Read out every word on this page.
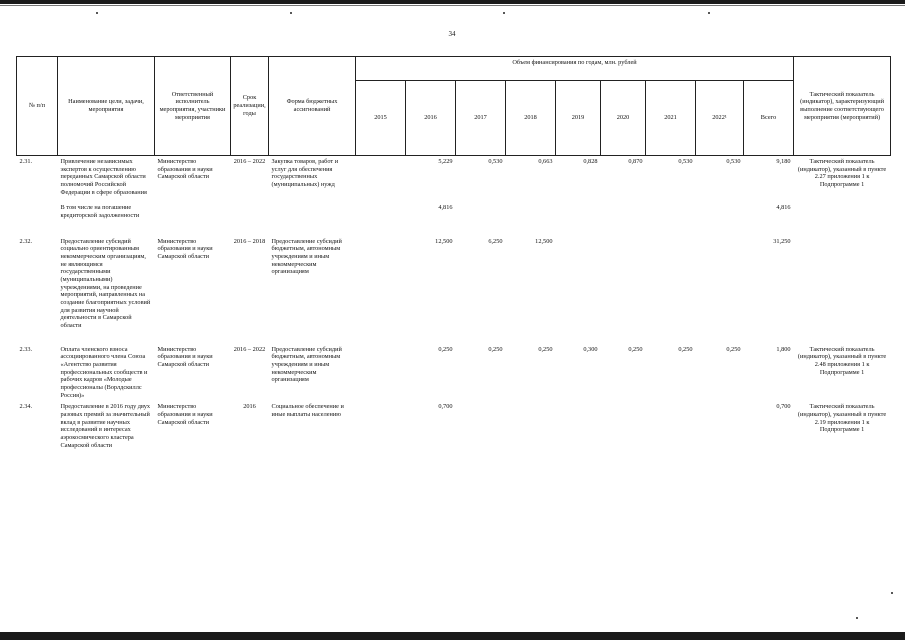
34
№ п/п	Наименование цели, задачи, мероприятия	Ответственный исполнитель мероприятия, участники мероприятия	Срок реализации, годы	Форма бюджетных ассигнований	Объем финансирования по годам, млн. рублей									Тактический показатель (индикатор), характеризующий выполнение соответствующего мероприятия (мероприятий)
					2015	2016	2017	2018	2019	2020	2021	2022¹	Всего	
2.31.	Привлечение независимых экспертов к осуществлению переданных Самарской области полномочий Российской Федерации в сфере образования	Министерство образования и науки Самарской области	2016 – 2022	Закупка товаров, работ и услуг для обеспечения государственных (муниципальных) нужд		5,229	0,530	0,663	0,828	0,870	0,530	0,530	9,180	Тактический показатель (индикатор), указанный в пункте 2.27 приложения 1 к Подпрограмме 1
	В том числе на погашение кредиторской задолженности					4,816							4,816	

2.32.	Предоставление субсидий социально ориентированным некоммерческим организациям, не являющимся государственными (муниципальными) учреждениями, на проведение мероприятий, направленных на создание благоприятных условий для развития научной деятельности в Самарской области	Министерство образования и науки Самарской области	2016 – 2018	Предоставление субсидий бюджетным, автономным учреждениям и иным некоммерческим организациям		12,500	6,250	12,500					31,250	

2.33.	Оплата членского взноса ассоциированного члена Союза «Агентство развития профессиональных сообществ и рабочих кадров «Молодые профессионалы (Ворлдскиллс Россия)»	Министерство образования и науки Самарской области	2016 – 2022	Предоставление субсидий бюджетным, автономным учреждениям и иным некоммерческим организациям		0,250	0,250	0,250	0,300	0,250	0,250	0,250	1,800	Тактический показатель (индикатор), указанный в пункте 2.48 приложения 1 к Подпрограмме 1
2.34.	Предоставление в 2016 году двух разовых премий за значительный вклад в развитие научных исследований в интересах аэрокосмического кластера Самарской области	Министерство образования и науки Самарской области	2016	Социальное обеспечение и иные выплаты населению		0,700							0,700	Тактический показатель (индикатор), указанный в пункте 2.19 приложения 1 к Подпрограмме 1
